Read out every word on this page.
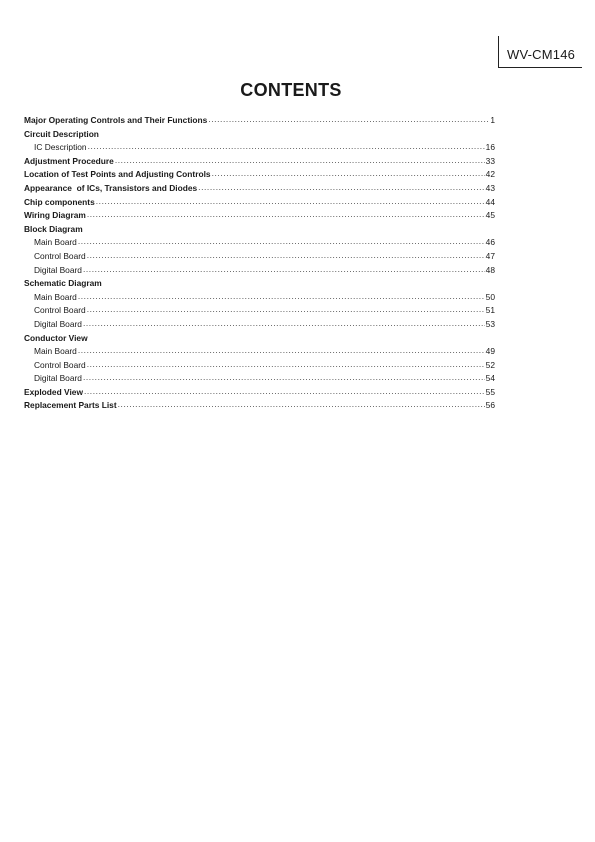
WV-CM146
CONTENTS
Major Operating Controls and Their Functions .....	1
Circuit Description
IC Description .....	16
Adjustment Procedure .....	33
Location of Test Points and Adjusting Controls .....	42
Appearance  of ICs, Transistors and Diodes .....	43
Chip components .....	44
Wiring Diagram .....	45
Block Diagram
Main Board .....	46
Control Board .....	47
Digital Board .....	48
Schematic Diagram
Main Board .....	50
Control Board .....	51
Digital Board .....	53
Conductor View
Main Board .....	49
Control Board .....	52
Digital Board .....	54
Exploded View .....	55
Replacement Parts List .....	56
